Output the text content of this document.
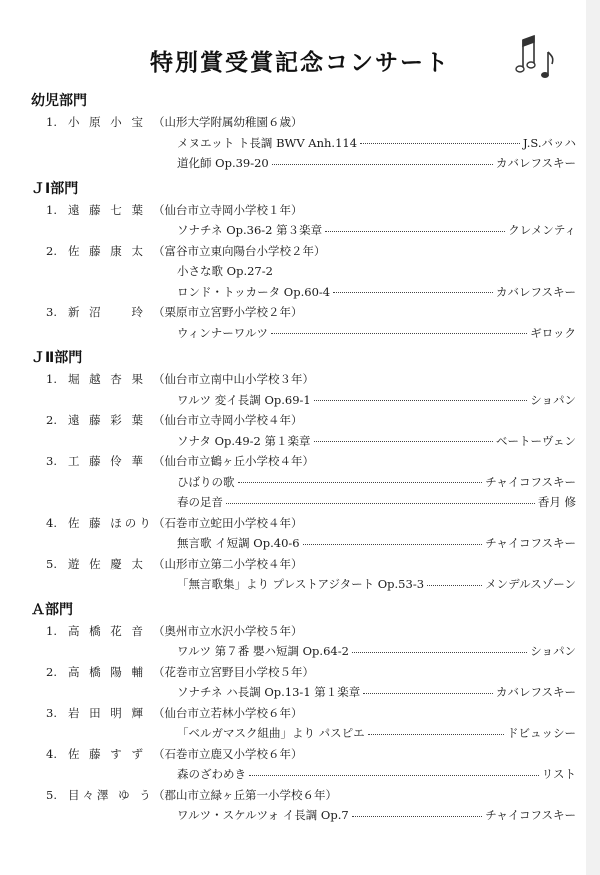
特別賞受賞記念コンサート
幼児部門
1. 小 原 小 宝 （山形大学附属幼稚園６歳）
メヌエット ト長調 BWV Anh.114	J.S.バッハ
道化師 Op.39-20	カバレフスキー
ＪⅠ部門
1. 遠 藤 七 葉 （仙台市立寺岡小学校１年）
ソナチネ Op.36-2 第３楽章	クレメンティ
2. 佐 藤 康 太 （富谷市立東向陽台小学校２年）
小さな歌 Op.27-2
ロンド・トッカータ Op.60-4	カバレフスキー
3. 新 沼 　 玲 （栗原市立宮野小学校２年）
ウィンナーワルツ	ギロック
ＪⅡ部門
1. 堀 越 杏 果 （仙台市立南中山小学校３年）
ワルツ 変イ長調 Op.69-1	ショパン
2. 遠 藤 彩 葉 （仙台市立寺岡小学校４年）
ソナタ Op.49-2 第１楽章	ベートーヴェン
3. 工 藤 伶 華 （仙台市立鶴ヶ丘小学校４年）
ひばりの歌	チャイコフスキー
春の足音	香月 修
4. 佐 藤 ほのり（石巻市立蛇田小学校４年）
無言歌 イ短調 Op.40-6	チャイコフスキー
5. 遊 佐 慶 太 （山形市立第二小学校４年）
「無言歌集」より プレストアジタート Op.53-3	メンデルスゾーン
Ａ部門
1. 高 橋 花 音 （奥州市立水沢小学校５年）
ワルツ 第７番 嬰ハ短調 Op.64-2	ショパン
2. 高 橋 陽 輔 （花巻市立宮野目小学校５年）
ソナチネ ハ長調 Op.13-1 第１楽章	カバレフスキー
3. 岩 田 明 輝 （仙台市立若林小学校６年）
「ベルガマスク組曲」より パスピエ	ドビュッシー
4. 佐 藤 す ず （石巻市立鹿又小学校６年）
森のざわめき	リスト
5. 目々澤 ゆ う（郡山市立緑ヶ丘第一小学校６年）
ワルツ・スケルツォ イ長調 Op.7	チャイコフスキー
